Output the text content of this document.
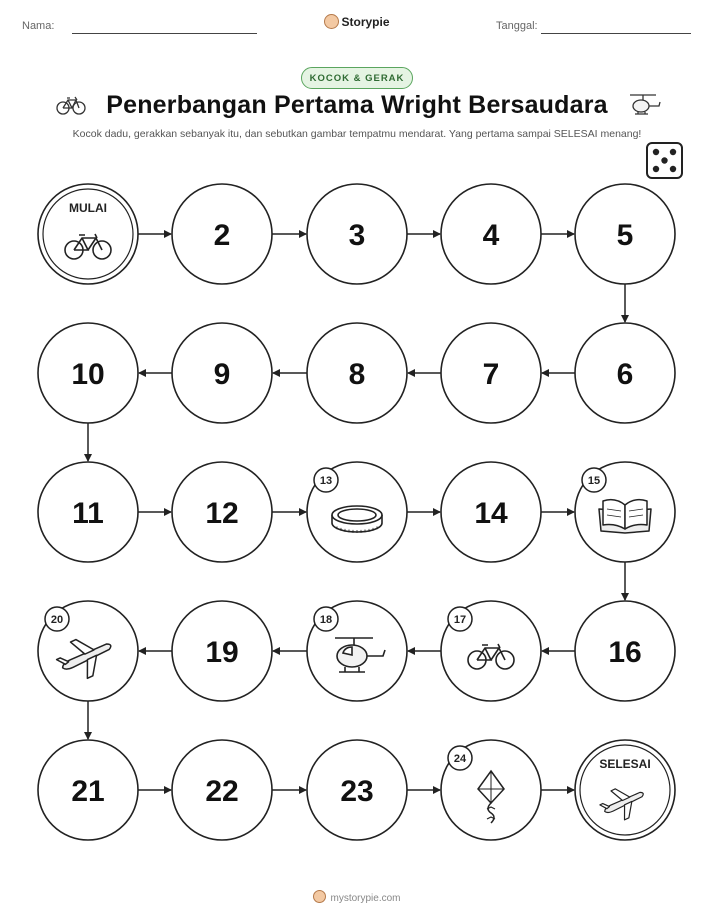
Nama:	Storypie	Tanggal:
KOCOK & GERAK
Penerbangan Pertama Wright Bersaudara
Kocok dadu, gerakkan sebanyak itu, dan sebutkan gambar tempatmu mendarat. Yang pertama sampai SELESAI menang!
MULAI
2	3	4	5
6
7
8
9
10
11	12
13
14
15
16
17
18
19
20
21	22	23
24	SELESAI
mystorypie.com
